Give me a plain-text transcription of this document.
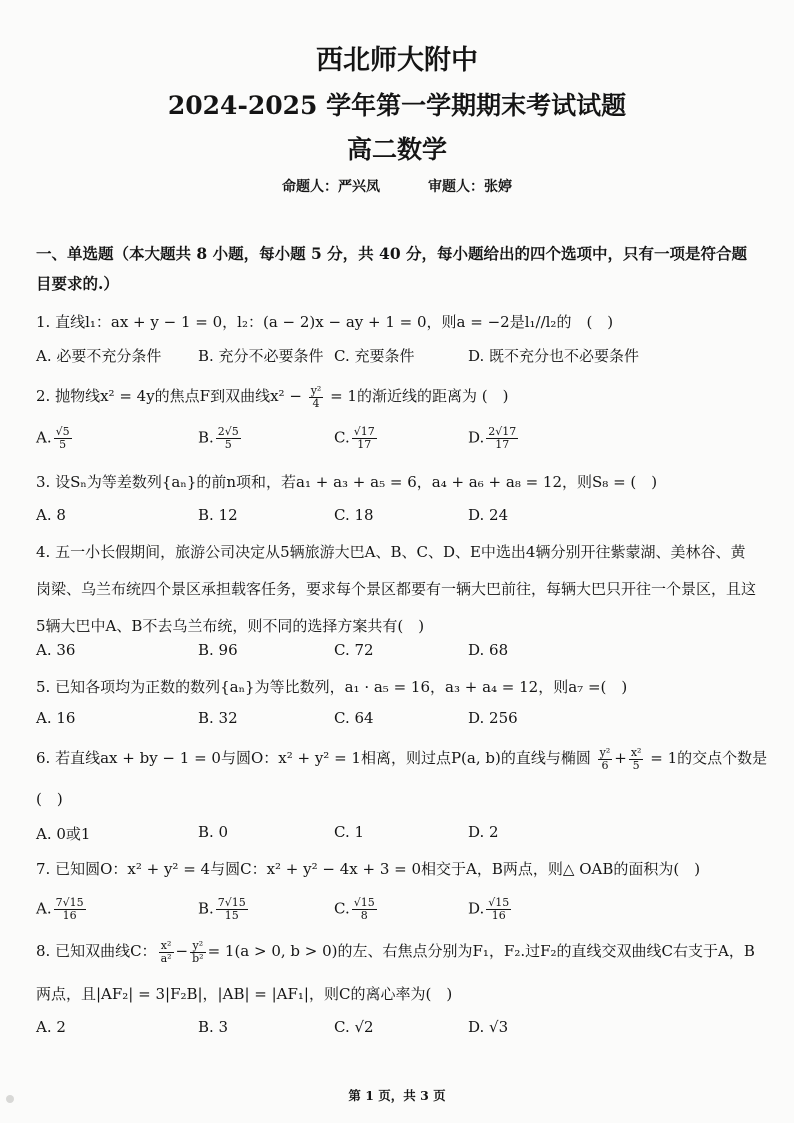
西北师大附中
2024-2025 学年第一学期期末考试试题
高二数学
命题人：严兴凤	审题人：张婷
一、单选题（本大题共 8 小题，每小题 5 分，共 40 分，每小题给出的四个选项中，只有一项是符合题目要求的.）
1. 直线l₁：ax + y − 1 = 0，l₂：(a − 2)x − ay + 1 = 0，则a = −2是l₁//l₂的　(　)
A. 必要不充分条件 B. 充分不必要条件 C. 充要条件	D. 既不充分也不必要条件
2. 抛物线x² = 4y的焦点F到双曲线$x^2 - \frac{\text{y²}}{4} = 1$的渐近线的距离为 (　)
A. $\frac{√5}{5}$	B. $\frac{2√5}{5}$	C. $\frac{√17}{17}$	D. $\frac{2√17}{17}$
3. 设Sₙ为等差数列{aₙ}的前n项和，若a₁ + a₃ + a₅ = 6，a₄ + a₆ + a₈ = 12，则S₈ = (　)
A. 8	B. 12	C. 18	D. 24
4. 五一小长假期间，旅游公司决定从5辆旅游大巴A、B、C、D、E中选出4辆分别开往紫蒙湖、美林谷、黄岗梁、乌兰布统四个景区承担载客任务，要求每个景区都要有一辆大巴前往，每辆大巴只开往一个景区，且这5辆大巴中A、B不去乌兰布统，则不同的选择方案共有(　)
A. 36	B. 96	C. 72	D. 68
5. 已知各项均为正数的数列{aₙ}为等比数列，a₁ · a₅ = 16，a₃ + a₄ = 12，则a₇ =(　)
A. 16	B. 32	C. 64	D. 256
6. 若直线ax + by − 1 = 0与圆O：x² + y² = 1相离，则过点P(a, b)的直线与椭圆 $\frac{\text{y²}}{6} + \frac{\text{x²}}{5} = 1$的交点个数是
(　)
A. 0或1	B. 0	C. 1	D. 2
7. 已知圆O：x² + y² = 4与圆C：x² + y² − 4x + 3 = 0相交于A，B两点，则△ OAB的面积为(　)
A. $\frac{7√15}{16}$	B. $\frac{7√15}{15}$	C. $\frac{√15}{8}$	D. $\frac{√15}{16}$
8. 已知双曲线C： $\frac{\text{x²}}{\text{a²}} - \frac{\text{y²}}{\text{b²}} = 1(a > 0$, b > 0)的左、右焦点分别为F₁，F₂.过F₂的直线交双曲线C右支于A，B
两点，且|AF₂| = 3|F₂B|，|AB| = |AF₁|，则C的离心率为(　)
A. 2	B. 3	C. √2	D. √3
第 1 页，共 3 页
